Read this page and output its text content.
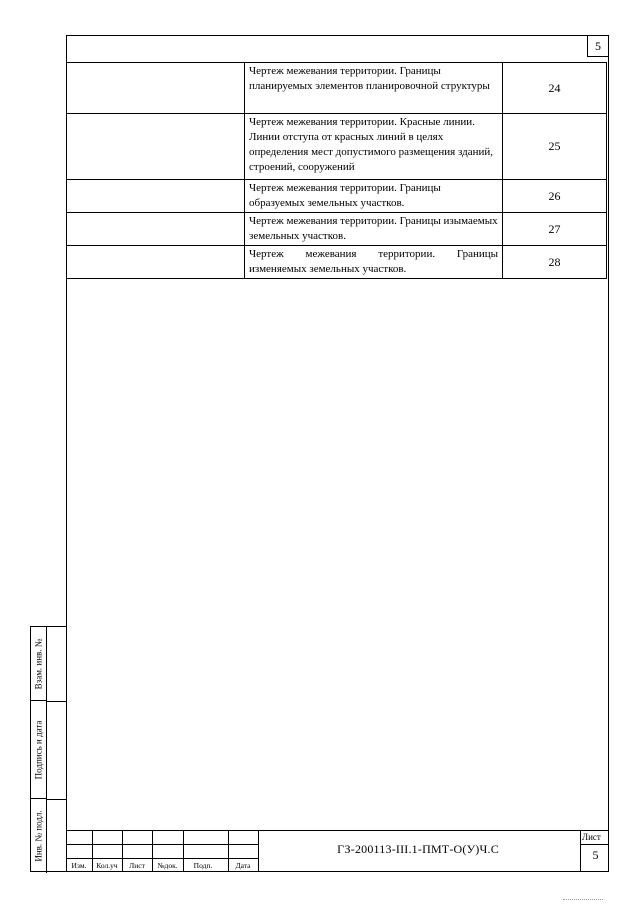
5
	Чертеж межевания территории. Границы планируемых элементов планировочной структуры	24
	Чертеж межевания территории. Красные линии. Линии отступа от красных линий в целях определения мест допустимого размещения зданий, строений, сооружений	25
	Чертеж межевания территории. Границы образуемых земельных участков.	26
	Чертеж межевания территории. Границы изымаемых земельных участков.	27
	Чертеж межевания территории. Границы изменяемых земельных участков.	28
Взам. инв. №
Подпись и дата
Инв. № подл.
Изм.	Кол.уч	Лист	№док.	Подп.	Дата
ГЗ-200113-III.1-ПМТ-О(У)Ч.С
Лист
5
